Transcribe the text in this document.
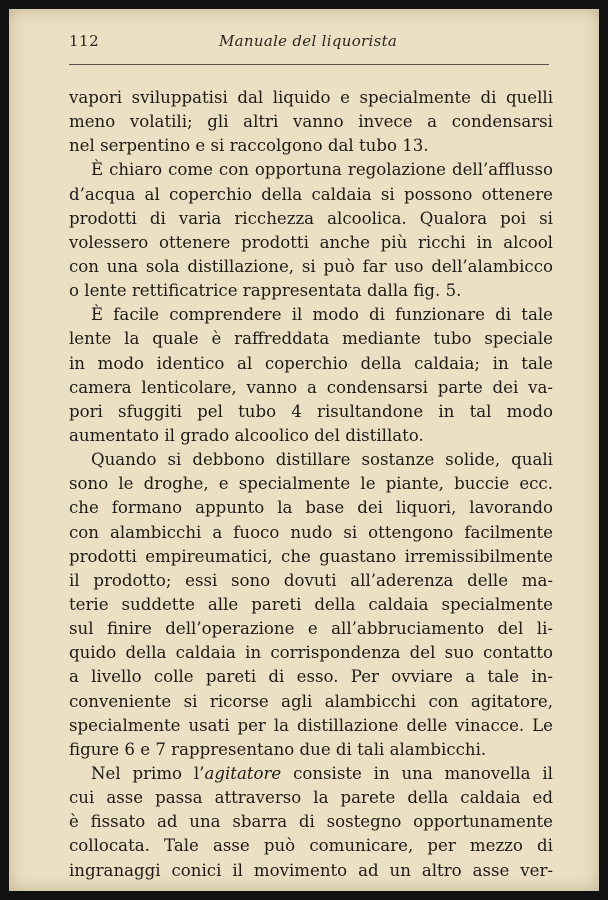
112	Manuale del liquorista
vapori sviluppatisi dal liquido e specialmente di quelli
meno volatili; gli altri vanno invece a condensarsi
nel serpentino e si raccolgono dal tubo 13.
È chiaro come con opportuna regolazione dell’afflusso
d’acqua al coperchio della caldaia si possono ottenere
prodotti di varia ricchezza alcoolica. Qualora poi si
volessero ottenere prodotti anche più ricchi in alcool
con una sola distillazione, si può far uso dell’alambicco
o lente rettificatrice rappresentata dalla fig. 5.
È facile comprendere il modo di funzionare di tale
lente la quale è raffreddata mediante tubo speciale
in modo identico al coperchio della caldaia; in tale
camera lenticolare, vanno a condensarsi parte dei va-
pori sfuggiti pel tubo 4 risultandone in tal modo
aumentato il grado alcoolico del distillato.
Quando si debbono distillare sostanze solide, quali
sono le droghe, e specialmente le piante, buccie ecc.
che formano appunto la base dei liquori, lavorando
con alambicchi a fuoco nudo si ottengono facilmente
prodotti empireumatici, che guastano irremissibilmente
il prodotto; essi sono dovuti all’aderenza delle ma-
terie suddette alle pareti della caldaia specialmente
sul finire dell’operazione e all’abbruciamento del li-
quido della caldaia in corrispondenza del suo contatto
a livello colle pareti di esso. Per ovviare a tale in-
conveniente si ricorse agli alambicchi con agitatore,
specialmente usati per la distillazione delle vinacce. Le
figure 6 e 7 rappresentano due di tali alambicchi.
Nel primo l’agitatore consiste in una manovella il
cui asse passa attraverso la parete della caldaia ed
è fissato ad una sbarra di sostegno opportunamente
collocata. Tale asse può comunicare, per mezzo di
ingranaggi conici il movimento ad un altro asse ver-
